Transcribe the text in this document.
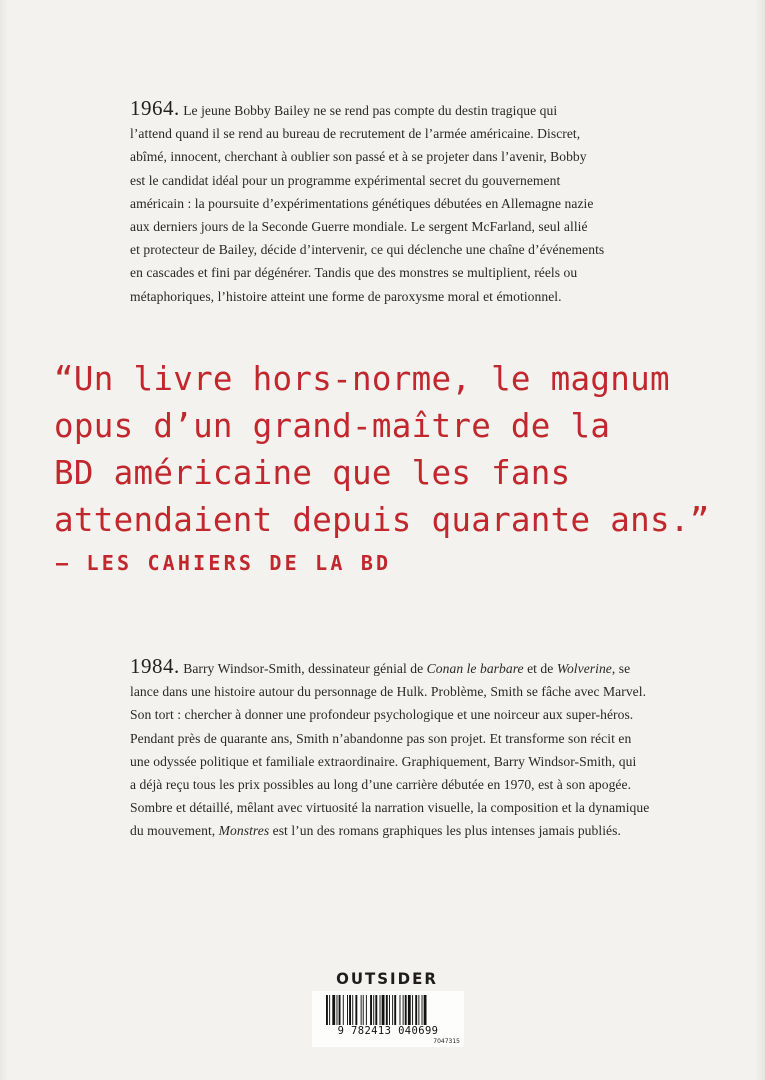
1964. Le jeune Bobby Bailey ne se rend pas compte du destin tragique qui

l’attend quand il se rend au bureau de recrutement de l’armée américaine. Discret,

abîmé, innocent, cherchant à oublier son passé et à se projeter dans l’avenir, Bobby

est le candidat idéal pour un programme expérimental secret du gouvernement

américain : la poursuite d’expérimentations génétiques débutées en Allemagne nazie

aux derniers jours de la Seconde Guerre mondiale. Le sergent McFarland, seul allié

et protecteur de Bailey, décide d’intervenir, ce qui déclenche une chaîne d’événements

en cascades et fini par dégénérer. Tandis que des monstres se multiplient, réels ou

métaphoriques, l’histoire atteint une forme de paroxysme moral et émotionnel.

“Un livre hors-norme, le magnum

opus d’un grand-maître de la

BD américaine que les fans

attendaient depuis quarante ans.”

— LES CAHIERS DE LA BD

1984. Barry Windsor-Smith, dessinateur génial de Conan le barbare et de Wolverine, se

lance dans une histoire autour du personnage de Hulk. Problème, Smith se fâche avec Marvel.

Son tort : chercher à donner une profondeur psychologique et une noirceur aux super-héros.

Pendant près de quarante ans, Smith n’abandonne pas son projet. Et transforme son récit en

une odyssée politique et familiale extraordinaire. Graphiquement, Barry Windsor-Smith, qui

a déjà reçu tous les prix possibles au long d’une carrière débutée en 1970, est à son apogée.

Sombre et détaillé, mêlant avec virtuosité la narration visuelle, la composition et la dynamique

du mouvement, Monstres est l’un des romans graphiques les plus intenses jamais publiés.

OUTSIDER
9 782413 040699
7047315
